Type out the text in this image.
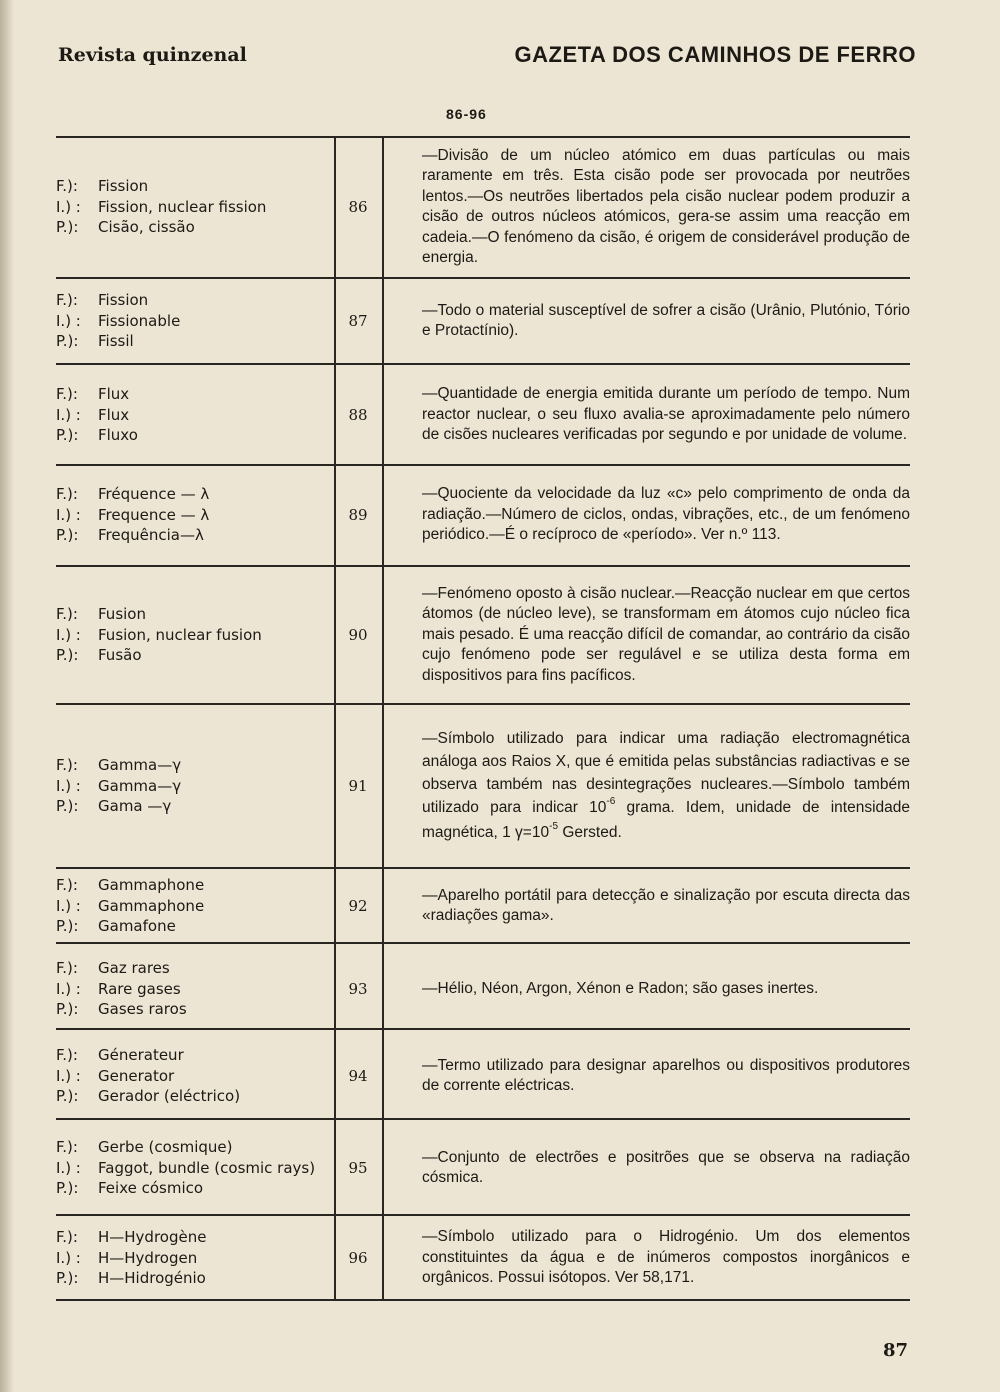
Revista quinzenal	GAZETA DOS CAMINHOS DE FERRO
86-96
F.):	Fission
I.) :	Fission, nuclear fission
P.):	Cisão, cissão
86
—Divisão de um núcleo atómico em duas partículas ou mais raramente em três. Esta cisão pode ser provocada por neutrões lentos.—Os neutrões libertados pela cisão nuclear podem produzir a cisão de outros núcleos atómicos, gera-se assim uma reacção em cadeia.—O fenómeno da cisão, é origem de considerável produção de energia.
F.):	Fission
I.) :	Fissionable
P.):	Fissil
87
—Todo o material susceptível de sofrer a cisão (Urânio, Plutónio, Tório e Protactínio).
F.):	Flux
I.) :	Flux
P.):	Fluxo
88
—Quantidade de energia emitida durante um período de tempo. Num reactor nuclear, o seu fluxo avalia-se aproximadamente pelo número de cisões nucleares verificadas por segundo e por unidade de volume.
F.):	Fréquence — λ
I.) :	Frequence — λ
P.):	Frequência—λ
89
—Quociente da velocidade da luz «c» pelo comprimento de onda da radiação.—Número de ciclos, ondas, vibrações, etc., de um fenómeno periódico.—É o recíproco de «período». Ver n.º 113.
F.):	Fusion
I.) :	Fusion, nuclear fusion
P.):	Fusão
90
—Fenómeno oposto à cisão nuclear.—Reacção nuclear em que certos átomos (de núcleo leve), se transformam em átomos cujo núcleo fica mais pesado. É uma reacção difícil de comandar, ao contrário da cisão cujo fenómeno pode ser regulável e se utiliza desta forma em dispositivos para fins pacíficos.
F.):	Gamma—γ
I.) :	Gamma—γ
P.):	Gama —γ
91
—Símbolo utilizado para indicar uma radiação electromagnética análoga aos Raios X, que é emitida pelas substâncias radiactivas e se observa também nas desintegrações nucleares.—Símbolo também utilizado para indicar $10^{-6}$ grama. Idem, unidade de intensidade magnética, 1 $\gamma=10^{-5}$ Gersted.
F.):	Gammaphone
I.) :	Gammaphone
P.):	Gamafone
92
—Aparelho portátil para detecção e sinalização por escuta directa das «radiações gama».
F.):	Gaz rares
I.) :	Rare gases
P.):	Gases raros
93	—Hélio, Néon, Argon, Xénon e Radon; são gases inertes.
F.):	Génerateur
I.) :	Generator
P.):	Gerador (eléctrico)
94
—Termo utilizado para designar aparelhos ou dispositivos produtores de corrente eléctricas.
F.):	Gerbe (cosmique)
I.) :	Faggot, bundle (cosmic rays)
P.):	Feixe cósmico
95
—Conjunto de electrões e positrões que se observa na radiação cósmica.
F.):	H—Hydrogène
I.) :	H—Hydrogen
P.):	H—Hidrogénio
96
—Símbolo utilizado para o Hidrogénio. Um dos elementos constituintes da água e de inúmeros compostos inorgânicos e orgânicos. Possui isótopos. Ver 58,171.
87
